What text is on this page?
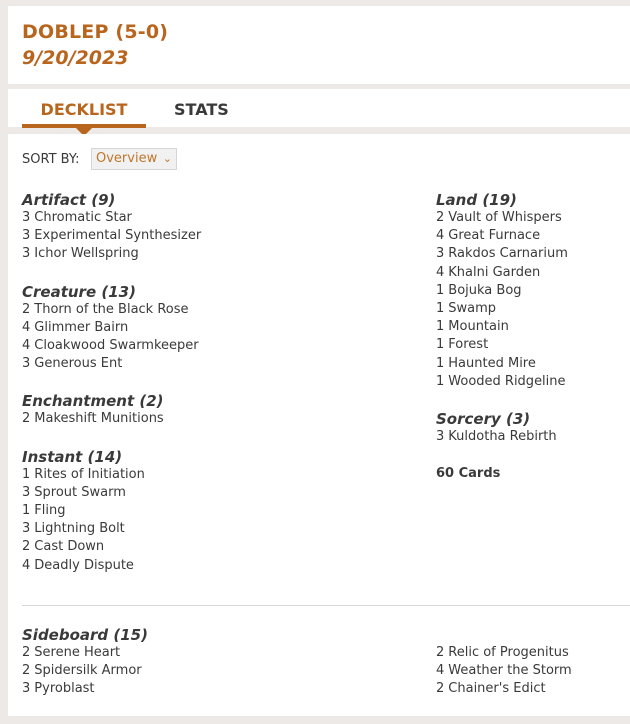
DOBLEP (5-0)
9/20/2023
DECKLIST	STATS
SORT BY:	Overview ⌄
Artifact (9)
3 Chromatic Star
3 Experimental Synthesizer
3 Ichor Wellspring
Creature (13)
2 Thorn of the Black Rose
4 Glimmer Bairn
4 Cloakwood Swarmkeeper
3 Generous Ent
Enchantment (2)
2 Makeshift Munitions
Instant (14)
1 Rites of Initiation
3 Sprout Swarm
1 Fling
3 Lightning Bolt
2 Cast Down
4 Deadly Dispute
Land (19)
2 Vault of Whispers
4 Great Furnace
3 Rakdos Carnarium
4 Khalni Garden
1 Bojuka Bog
1 Swamp
1 Mountain
1 Forest
1 Haunted Mire
1 Wooded Ridgeline
Sorcery (3)
3 Kuldotha Rebirth
60 Cards
Sideboard (15)
2 Serene Heart
2 Spidersilk Armor
3 Pyroblast
2 Relic of Progenitus
4 Weather the Storm
2 Chainer's Edict
